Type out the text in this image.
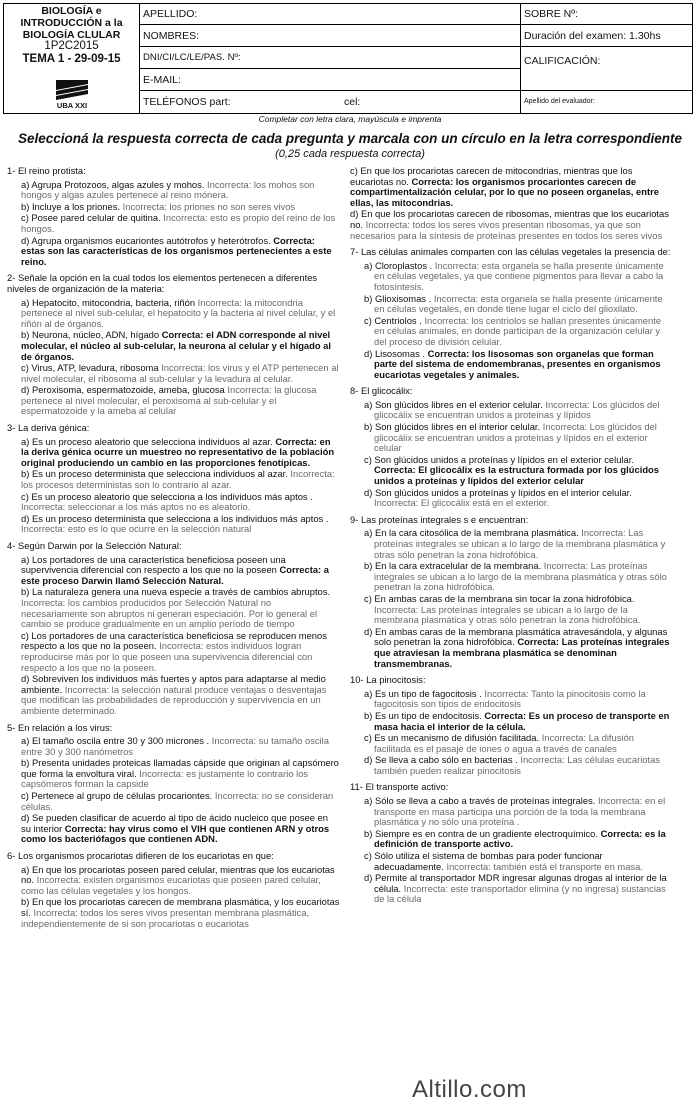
BIOLOGÍA e
INTRODUCCIÓN a la
BIOLOGÍA CLULAR
1P2C2015
TEMA 1 - 29-09-15
UBA XXI
APELLIDO:
NOMBRES:
DNI/CI/LC/LE/PAS. Nº:
E-MAIL:
TELÉFONOS part:	cel:
SOBRE Nº:
Duración del examen: 1.30hs
CALIFICACIÓN:
Apellido del evaluador:
Completar con letra clara, mayúscula e imprenta
Seleccioná la respuesta correcta de cada pregunta y marcala con un círculo en la letra correspondiente
(0,25 cada respuesta correcta)
1- El reino protista:
a) Agrupa Protozoos, algas azules y mohos. Incorrecta: los mohos son hongos y algas azules pertenece al reino mónera.
b) Incluye a los priones. Incorrecta: los priones no son seres vivos
c) Posee pared celular de quitina. Incorrecta: esto es propio del reino de los hongos.
d) Agrupa organismos eucariontes autótrofos y heterótrofos. Correcta: estas son las características de los organismos pertenecientes a este reino.
2- Señale la opción en la cual todos los elementos pertenecen a diferentes niveles de organización de la materia:
a) Hepatocito, mitocondria, bacteria, riñón Incorrecta: la mitocondria pertenece al nivel sub-celular, el hepatocito y la bacteria al nivel celular, y el riñón al de órganos.
b) Neurona, núcleo, ADN, hígado Correcta: el ADN corresponde al nivel molecular, el núcleo al sub-celular, la neurona al celular y el hígado al de órganos.
c) Virus, ATP, levadura, ribosoma Incorrecta: los virus y el ATP pertenecen al nivel molecular, el ribosoma al sub-celular y la levadura al celular.
d) Peroxisoma, espermatozoide, ameba, glucosa Incorrecta: la glucosa pertenece al nivel molecular, el peroxisoma al sub-celular y el espermatozoide y la ameba al celular
3- La deriva génica:
a) Es un proceso aleatorio que selecciona individuos al azar. Correcta: en la deriva génica ocurre un muestreo no representativo de la población original produciendo un cambio en las proporciones fenotípicas.
b) Es un proceso determinista que selecciona individuos al azar. Incorrecta: los procesos deterministas son lo contrario al azar.
c) Es un proceso aleatorio que selecciona a los individuos más aptos . Incorrecta: seleccionar a los más aptos no es aleatorio.
d) Es un proceso determinista que selecciona a los individuos más aptos . Incorrecta: esto es lo que ocurre en la selección natural
4- Según Darwin por la Selección Natural:
a) Los portadores de una característica beneficiosa poseen una supervivencia diferencial con respecto a los que no la poseen Correcta: a este proceso Darwin llamó Selección Natural.
b) La naturaleza genera una nueva especie a través de cambios abruptos. Incorrecta: los cambios producidos por Selección Natural no necesariamente son abruptos ni generan especiación. Por lo general el cambio se produce gradualmente en un amplio período de tiempo
c) Los portadores de una característica beneficiosa se reproducen menos respecto a los que no la poseen. Incorrecta: estos individuos logran reproducirse más por lo que poseen una supervivencia diferencial con respecto a los que no la poseen.
d) Sobreviven los individuos más fuertes y aptos para adaptarse al medio ambiente. Incorrecta: la selección natural produce ventajas o desventajas que modifican las probabilidades de reproducción y supervivencia en un ambiente determinado.
5- En relación a los virus:
a) El tamaño oscila entre 30 y 300 micrones . Incorrecta: su tamaño oscila entre 30 y 300 nanómetros
b) Presenta unidades proteicas llamadas cápside que originan al capsómero que forma la envoltura viral. Incorrecta: es justamente lo contrario los capsómeros forman la capside
c) Pertenece al grupo de células procariontes. Incorrecta: no se consideran células.
d) Se pueden clasificar de acuerdo al tipo de ácido nucleico que posee en su interior Correcta: hay virus como el VIH que contienen ARN y otros como los bacteriófagos que contienen ADN.
6- Los organismos procariotas difieren de los eucariotas en que:
a) En que los procariotas poseen pared celular, mientras que los eucariotas no. Incorrecta: existen organismos eucariotas que poseen pared celular, como las células vegetales y los hongos.
b) En que los procariotas carecen de membrana plasmática, y los eucariotas sí. Incorrecta: todos los seres vivos presentan membrana plasmática, independientemente de si son procariotas o eucariotas
c) En que los procariotas carecen de mitocondrias, mientras que los eucariotas no. Correcta: los organismos procariontes carecen de compartimentalización celular, por lo que no poseen organelas, entre ellas, las mitocondrias.
d) En que los procariotas carecen de ribosomas, mientras que los eucariotas no. Incorrecta: todos los seres vivos presentan ribosomas, ya que son necesarios para la síntesis de proteínas presentes en todos los seres vivos
7- Las células animales comparten con las células vegetales la presencia de:
a) Cloroplastos . Incorrecta: esta organela se halla presente únicamente en células vegetales, ya que contiene pigmentos para llevar a cabo la fotosíntesis.
b) Glioxisomas . Incorrecta: esta organela se halla presente únicamente en células vegetales, en donde tiene lugar el ciclo del glioxilato.
c) Centriolos . Incorrecta: los centriolos se hallan presentes únicamente en células animales, en donde participan de la organización celular y del proceso de división celular.
d) Lisosomas . Correcta: los lisosomas son organelas que forman parte del sistema de endomembranas, presentes en organismos eucariotas vegetales y animales.
8- El glicocálix:
a) Son glúcidos libres en el exterior celular. Incorrecta: Los glúcidos del glicocálix se encuentran unidos a proteínas y lípidos
b) Son glúcidos libres en el interior celular. Incorrecta: Los glúcidos del glicocálix se encuentran unidos a proteínas y lípidos en el exterior celular
c) Son glúcidos unidos a proteínas y lípidos en el exterior celular. Correcta: El glicocálix es la estructura formada por los glúcidos unidos a proteínas y lípidos del exterior celular
d) Son glúcidos unidos a proteínas y lípidos en el interior celular. Incorrecta: El glicocálix está en el exterior.
9- Las proteínas integrales s e encuentran:
a) En la cara citosólica de la membrana plasmática. Incorrecta: Las proteínas integrales se ubican a lo largo de la membrana plasmática y otras sólo penetran la zona hidrofóbica.
b) En la cara extracelular de la membrana. Incorrecta: Las proteínas integrales se ubican a lo largo de la membrana plasmática y otras sólo penetran la zona hidrofóbica.
c) En ambas caras de la membrana sin tocar la zona hidrofóbica. Incorrecta: Las proteínas integrales se ubican a lo largo de la membrana plasmática y otras sólo penetran la zona hidrofóbica.
d) En ambas caras de la membrana plasmática atravesándola, y algunas solo penetran la zona hidrofóbica. Correcta: Las proteínas integrales que atraviesan la membrana plasmática se denominan transmembranas.
10- La pinocitosis:
a) Es un tipo de fagocitosis . Incorrecta: Tanto la pinocitosis como la fagocitosis son tipos de endocitosis
b) Es un tipo de endocitosis. Correcta: Es un proceso de transporte en masa hacia el interior de la célula.
c) Es un mecanismo de difusión facilitada. Incorrecta: La difusión facilitada es el pasaje de iones o agua a través de canales
d) Se lleva a cabo sólo en bacterias . Incorrecta: Las células eucariotas también pueden realizar pinocitosis
11- El transporte activo:
a) Sólo se lleva a cabo a través de proteínas integrales. Incorrecta: en el transporte en masa participa una porción de la toda la membrana plasmática y no sólo una proteína .
b) Siempre es en contra de un gradiente electroquímico. Correcta: es la definición de transporte activo.
c) Sólo utiliza el sistema de bombas para poder funcionar adecuadamente. Incorrecta: también está el transporte en masa.
d) Permite al transportador MDR ingresar algunas drogas al interior de la célula. Incorrecta: este transportador elimina (y no ingresa) sustancias de la célula
Altillo.com
